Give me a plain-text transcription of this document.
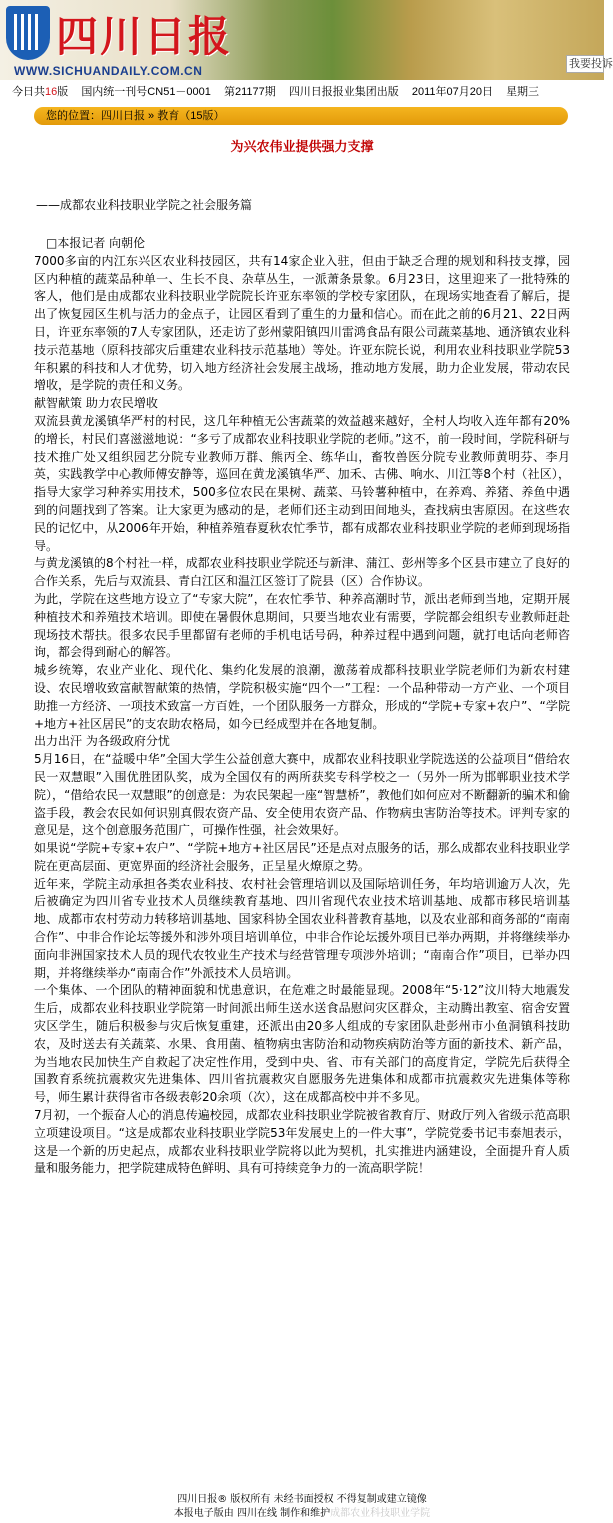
四川日报
WWW.SICHUANDAILY.COM.CN
我要投诉
今日共16版 国内统一刊号CN51－0001 第21177期 四川日报报业集团出版 2011年07月20日 星期三
您的位置：四川日报 » 教育（15版）
为兴农伟业提供强力支撑
——成都农业科技职业学院之社会服务篇

　□本报记者 向朝伦

7000多亩的内江东兴区农业科技园区，共有14家企业入驻，但由于缺乏合理的规划和科技支撑，园区内种植的蔬菜品种单一、生长不良、杂草丛生，一派萧条景象。6月23日，这里迎来了一批特殊的客人，他们是由成都农业科技职业学院院长许亚东率领的学校专家团队，在现场实地查看了解后，提出了恢复园区生机与活力的金点子，让园区看到了重生的力量和信心。而在此之前的6月21、22日两日，许亚东率领的7人专家团队，还走访了彭州蒙阳镇四川雷鸿食品有限公司蔬菜基地、通济镇农业科技示范基地（原科技部灾后重建农业科技示范基地）等处。许亚东院长说，利用农业科技职业学院53年积累的科技和人才优势，切入地方经济社会发展主战场，推动地方发展，助力企业发展，带动农民增收，是学院的责任和义务。

献智献策 助力农民增收

双流县黄龙溪镇华严村的村民，这几年种植无公害蔬菜的效益越来越好，全村人均收入连年都有20%的增长，村民们喜滋滋地说：“多亏了成都农业科技职业学院的老师。”这不，前一段时间，学院科研与技术推广处又组织园艺分院专业教师万群、熊丙全、练华山，畜牧兽医分院专业教师黄明芬、李月英，实践教学中心教师傅安静等，巡回在黄龙溪镇华严、加禾、古佛、响水、川江等8个村（社区），指导大家学习种养实用技术，500多位农民在果树、蔬菜、马铃薯种植中，在养鸡、养猪、养鱼中遇到的问题找到了答案。让大家更为感动的是，老师们还主动到田间地头，查找病虫害原因。在这些农民的记忆中，从2006年开始，种植养殖春夏秋农忙季节，都有成都农业科技职业学院的老师到现场指导。

与黄龙溪镇的8个村社一样，成都农业科技职业学院还与新津、蒲江、彭州等多个区县市建立了良好的合作关系，先后与双流县、青白江区和温江区签订了院县（区）合作协议。

为此，学院在这些地方设立了“专家大院”，在农忙季节、种养高潮时节，派出老师到当地，定期开展种植技术和养殖技术培训。即使在暑假休息期间，只要当地农业有需要，学院都会组织专业教师赶赴现场技术帮扶。很多农民手里都留有老师的手机电话号码，种养过程中遇到问题，就打电话向老师咨询，都会得到耐心的解答。

城乡统筹，农业产业化、现代化、集约化发展的浪潮，激荡着成都科技职业学院老师们为新农村建设、农民增收致富献智献策的热情，学院积极实施“四个一”工程：一个品种带动一方产业、一个项目助推一方经济、一项技术致富一方百姓，一个团队服务一方群众，形成的“学院+专家+农户”、“学院+地方+社区居民”的支农助农格局，如今已经成型并在各地复制。

出力出汗 为各级政府分忧

5月16日，在“益暖中华”全国大学生公益创意大赛中，成都农业科技职业学院选送的公益项目“借给农民一双慧眼”入围优胜团队奖，成为全国仅有的两所获奖专科学校之一（另外一所为邯郸职业技术学院），“借给农民一双慧眼”的创意是：为农民架起一座“智慧桥”，教他们如何应对不断翻新的骗术和偷盗手段，教会农民如何识别真假农资产品、安全使用农资产品、作物病虫害防治等技术。评判专家的意见是，这个创意服务范围广，可操作性强，社会效果好。

如果说“学院+专家+农户”、“学院+地方+社区居民”还是点对点服务的话，那么成都农业科技职业学院在更高层面、更宽界面的经济社会服务，正呈星火燎原之势。

近年来，学院主动承担各类农业科技、农村社会管理培训以及国际培训任务，年均培训逾万人次，先后被确定为四川省专业技术人员继续教育基地、四川省现代农业技术培训基地、成都市移民培训基地、成都市农村劳动力转移培训基地、国家科协全国农业科普教育基地，以及农业部和商务部的“南南合作”、中非合作论坛等援外和涉外项目培训单位，中非合作论坛援外项目已举办两期，并将继续举办面向非洲国家技术人员的现代农牧业生产技术与经营管理专项涉外培训；“南南合作”项目，已举办四期，并将继续举办“南南合作”外派技术人员培训。

一个集体、一个团队的精神面貌和忧患意识，在危难之时最能显现。2008年“5·12”汶川特大地震发生后，成都农业科技职业学院第一时间派出师生送水送食品慰问灾区群众，主动腾出教室、宿舍安置灾区学生，随后积极参与灾后恢复重建，还派出由20多人组成的专家团队赴彭州市小鱼洞镇科技助农，及时送去有关蔬菜、水果、食用菌、植物病虫害防治和动物疾病防治等方面的新技术、新产品，为当地农民加快生产自救起了决定性作用，受到中央、省、市有关部门的高度肯定，学院先后获得全国教育系统抗震救灾先进集体、四川省抗震救灾自愿服务先进集体和成都市抗震救灾先进集体等称号，师生累计获得省市各级表彰20余项（次），这在成都高校中并不多见。

7月初，一个振奋人心的消息传遍校园，成都农业科技职业学院被省教育厅、财政厅列入省级示范高职立项建设项目。“这是成都农业科技职业学院53年发展史上的一件大事”，学院党委书记韦泰旭表示，这是一个新的历史起点，成都农业科技职业学院将以此为契机，扎实推进内涵建设，全面提升育人质量和服务能力，把学院建成特色鲜明、具有可持续竞争力的一流高职学院！

四川日报® 版权所有 未经书面授权 不得复制或建立镜像
本报电子版由 四川在线 制作和维护成都农业科技职业学院
